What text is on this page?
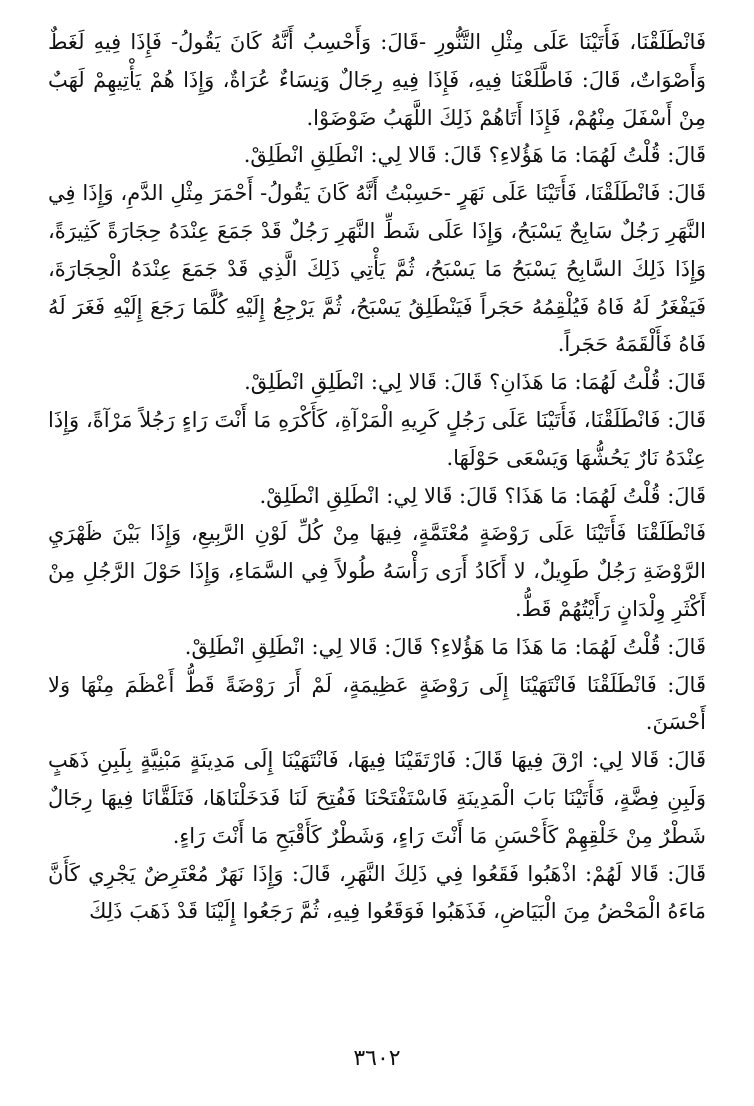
فَانْطَلَقْنَا، فَأَتَيْنَا عَلَى مِثْلِ التَّنُّورِ -قَالَ: وَأَحْسِبُ أَنَّهُ كَانَ يَقُولُ- فَإِذَا فِيهِ لَغَطٌ وَأَصْوَاتٌ، قَالَ: فَاطَّلَعْنَا فِيهِ، فَإِذَا فِيهِ رِجَالٌ وَنِسَاءٌ عُرَاةٌ، وَإِذَا هُمْ يَأْتِيهِمْ لَهَبٌ مِنْ أَسْفَلَ مِنْهُمْ، فَإِذَا أَتَاهُمْ ذَلِكَ اللَّهَبُ ضَوْضَوْا.

قَالَ: قُلْتُ لَهُمَا: مَا هَؤُلاءِ؟ قَالَ: قَالا لِي: انْطَلِقِ انْطَلِقْ.

قَالَ: فَانْطَلَقْنَا، فَأَتَيْنَا عَلَى نَهَرٍ -حَسِبْتُ أَنَّهُ كَانَ يَقُولُ- أَحْمَرَ مِثْلِ الدَّمِ، وَإِذَا فِي النَّهَرِ رَجُلٌ سَابِحٌ يَسْبَحُ، وَإِذَا عَلَى شَطِّ النَّهَرِ رَجُلٌ قَدْ جَمَعَ عِنْدَهُ حِجَارَةً كَثِيرَةً، وَإِذَا ذَلِكَ السَّابِحُ يَسْبَحُ مَا يَسْبَحُ، ثُمَّ يَأْتِي ذَلِكَ الَّذِي قَدْ جَمَعَ عِنْدَهُ الْحِجَارَةَ، فَيَفْغَرُ لَهُ فَاهُ فَيُلْقِمُهُ حَجَراً فَيَنْطَلِقُ يَسْبَحُ، ثُمَّ يَرْجِعُ إِلَيْهِ كُلَّمَا رَجَعَ إِلَيْهِ فَغَرَ لَهُ فَاهُ فَأَلْقَمَهُ حَجَراً.

قَالَ: قُلْتُ لَهُمَا: مَا هَذَانِ؟ قَالَ: قَالا لِي: انْطَلِقِ انْطَلِقْ.

قَالَ: فَانْطَلَقْنَا، فَأَتَيْنَا عَلَى رَجُلٍ كَرِيهِ الْمَرْآةِ، كَأَكْرَهِ مَا أَنْتَ رَاءٍ رَجُلاً مَرْآةً، وَإِذَا عِنْدَهُ نَارٌ يَحُشُّهَا وَيَسْعَى حَوْلَهَا.

قَالَ: قُلْتُ لَهُمَا: مَا هَذَا؟ قَالَ: قَالا لِي: انْطَلِقِ انْطَلِقْ.

فَانْطَلَقْنَا فَأَتَيْنَا عَلَى رَوْضَةٍ مُعْتَمَّةٍ، فِيهَا مِنْ كُلِّ لَوْنِ الرَّبِيعِ، وَإِذَا بَيْنَ ظَهْرَيِ الرَّوْضَةِ رَجُلٌ طَوِيلٌ، لا أَكَادُ أَرَى رَأْسَهُ طُولاً فِي السَّمَاءِ، وَإِذَا حَوْلَ الرَّجُلِ مِنْ أَكْثَرِ وِلْدَانٍ رَأَيْتُهُمْ قَطُّ.

قَالَ: قُلْتُ لَهُمَا: مَا هَذَا مَا هَؤُلاءِ؟ قَالَ: قَالا لِي: انْطَلِقِ انْطَلِقْ.

قَالَ: فَانْطَلَقْنَا فَانْتَهَيْنَا إِلَى رَوْضَةٍ عَظِيمَةٍ، لَمْ أَرَ رَوْضَةً قَطُّ أَعْظَمَ مِنْهَا وَلا أَحْسَنَ.

قَالَ: قَالا لِي: ارْقَ فِيهَا قَالَ: فَارْتَقَيْنَا فِيهَا، فَانْتَهَيْنَا إِلَى مَدِينَةٍ مَبْنِيَّةٍ بِلَبِنِ ذَهَبٍ وَلَبِنِ فِضَّةٍ، فَأَتَيْنَا بَابَ الْمَدِينَةِ فَاسْتَفْتَحْنَا فَفُتِحَ لَنَا فَدَخَلْنَاهَا، فَتَلَقَّانَا فِيهَا رِجَالٌ شَطْرٌ مِنْ خَلْقِهِمْ كَأَحْسَنِ مَا أَنْتَ رَاءٍ، وَشَطْرٌ كَأَقْبَحِ مَا أَنْتَ رَاءٍ.

قَالَ: قَالا لَهُمْ: اذْهَبُوا فَقَعُوا فِي ذَلِكَ النَّهَرِ، قَالَ: وَإِذَا نَهَرٌ مُعْتَرِضٌ يَجْرِي كَأَنَّ مَاءَهُ الْمَحْضُ مِنَ الْبَيَاضِ، فَذَهَبُوا فَوَقَعُوا فِيهِ، ثُمَّ رَجَعُوا إِلَيْنَا قَدْ ذَهَبَ ذَلِكَ

٣٦٠٢
